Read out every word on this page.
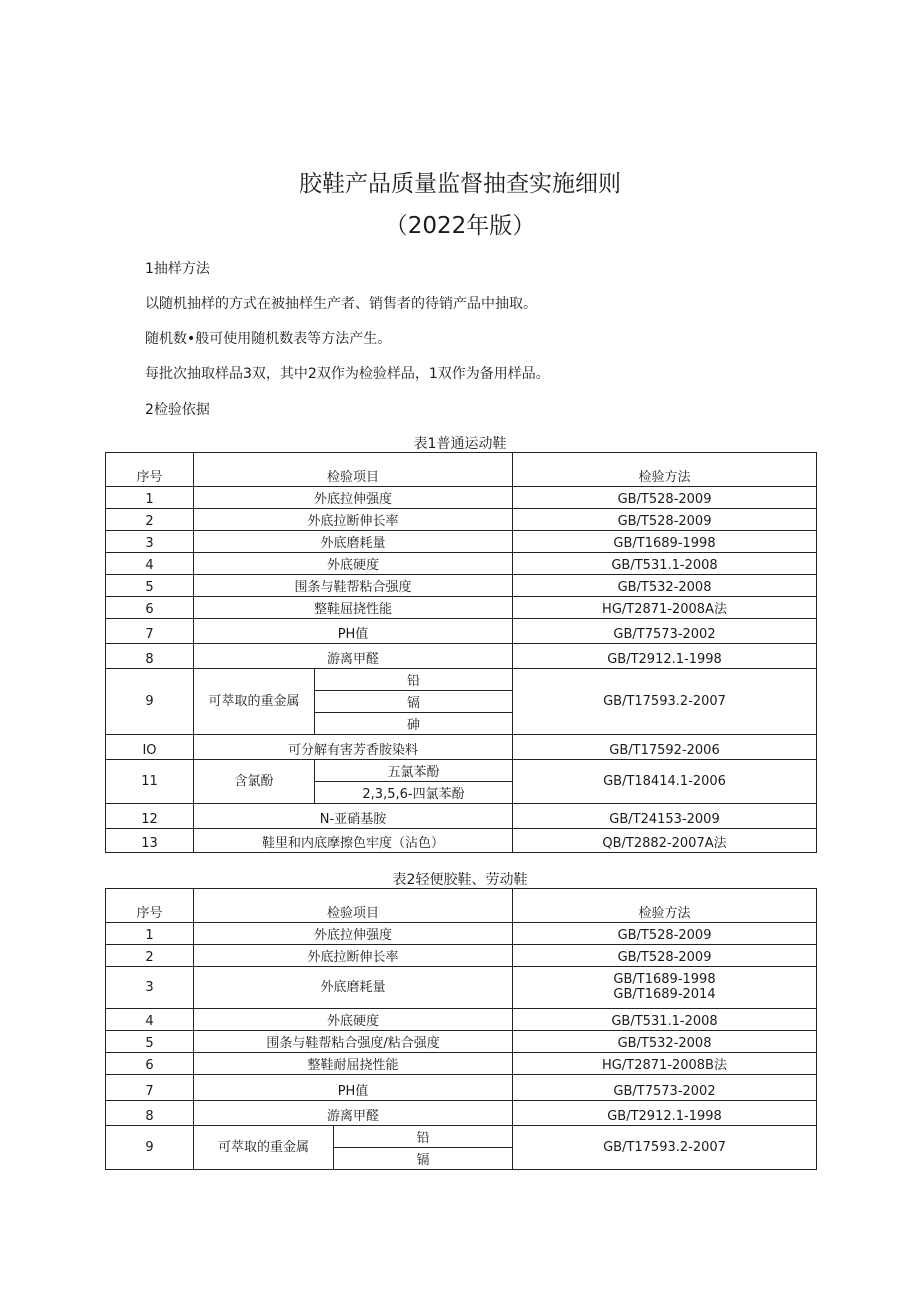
胶鞋产品质量监督抽查实施细则
（2022年版）
1抽样方法
以随机抽样的方式在被抽样生产者、销售者的待销产品中抽取。
随机数•般可使用随机数表等方法产生。
每批次抽取样品3双，其中2双作为检验样品，1双作为备用样品。
2检验依据
表1普通运动鞋
序号	检验项目		检验方法
1	外底拉伸强度		GB/T528-2009
2	外底拉断伸长率		GB/T528-2009
3	外底磨耗量		GB/T1689-1998
4	外底硬度		GB/T531.1-2008
5	围条与鞋帮粘合强度		GB/T532-2008
6	整鞋屈挠性能		HG/T2871-2008A法
7	PH值		GB/T7573-2002
8	游离甲醛		GB/T2912.1-1998
9	可萃取的重金属	铅	GB/T17593.2-2007
		镉	
		砷	
IO	可分解有害芳香胺染料		GB/T17592-2006
11	含氯酚	五氯苯酚	GB/T18414.1-2006
		2,3,5,6-四氯苯酚	
12	N-亚硝基胺		GB/T24153-2009
13	鞋里和内底摩擦色牢度（沾色）		QB/T2882-2007A法
表2轻便胶鞋、劳动鞋
序号	检验项目		检验方法
1	外底拉伸强度		GB/T528-2009
2	外底拉断伸长率		GB/T528-2009
3	外底磨耗量		GB/T1689-1998
GB/T1689-2014

4	外底硬度		GB/T531.1-2008
5	围条与鞋帮粘合强度/粘合强度		GB/T532-2008
6	整鞋耐屈挠性能		HG/T2871-2008B法
7	PH值		GB/T7573-2002
8	游离甲醛		GB/T2912.1-1998
9	可萃取的重金属	铅	GB/T17593.2-2007
		镉	
